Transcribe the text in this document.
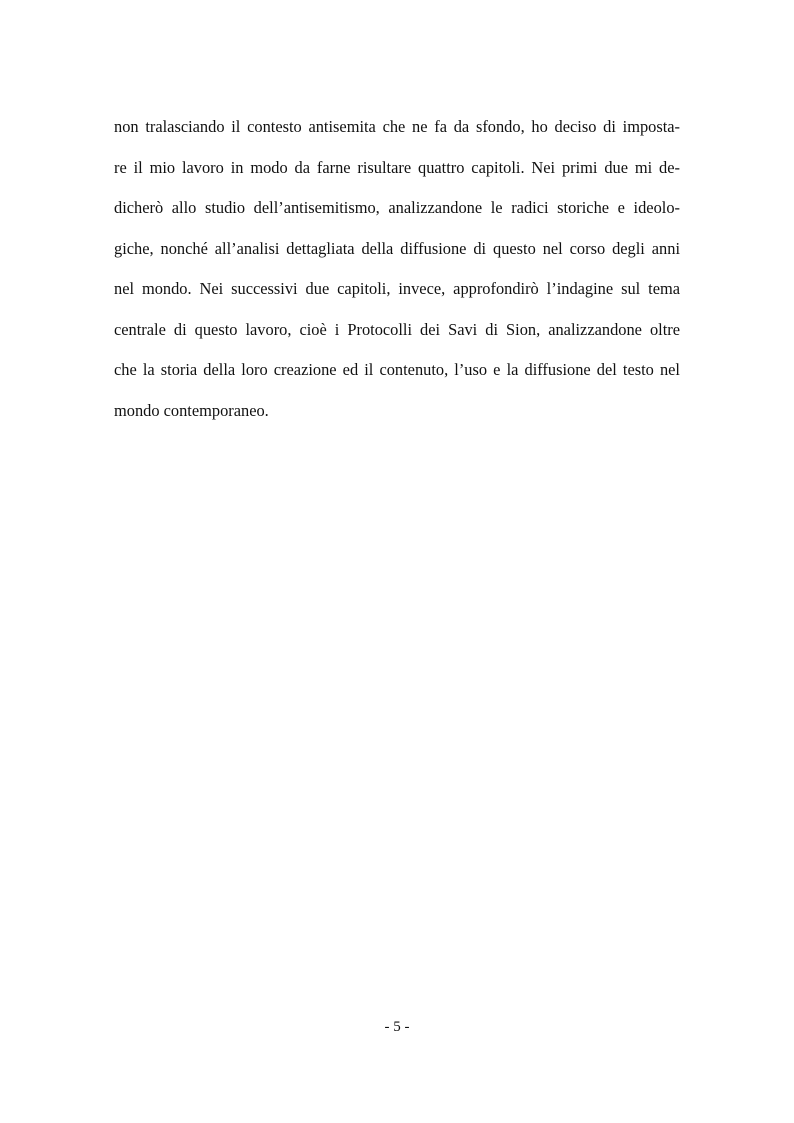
non tralasciando il contesto antisemita che ne fa da sfondo, ho deciso di imposta-
re il mio lavoro in modo da farne risultare quattro capitoli. Nei primi due mi de-
dicherò allo studio dell’antisemitismo, analizzandone le radici storiche e ideolo-
giche, nonché all’analisi dettagliata della diffusione di questo nel corso degli anni
nel mondo. Nei successivi due capitoli, invece, approfondirò l’indagine sul tema
centrale di questo lavoro, cioè i Protocolli dei Savi di Sion, analizzandone oltre
che la storia della loro creazione ed il contenuto, l’uso e la diffusione del testo nel
mondo contemporaneo.
- 5 -
